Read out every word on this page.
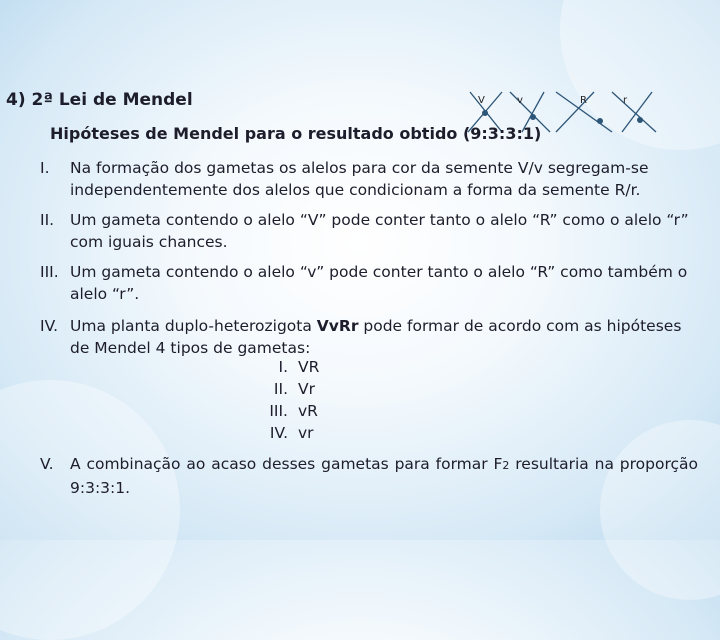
4) 2ª Lei de Mendel	V	v	R	r
Hipóteses de Mendel para o resultado obtido (9:3:3:1)
I.	Na formação dos gametas os alelos para cor da semente V/v segregam-se independentemente dos alelos que condicionam a forma da semente R/r.
II.	Um gameta contendo o alelo “V” pode conter tanto o alelo “R” como o alelo “r” com iguais chances.
III. Um gameta contendo o alelo “v” pode conter tanto o alelo “R” como também o alelo “r”.
IV. Uma planta duplo-heterozigota VvRr pode formar de acordo com as hipóteses de Mendel 4 tipos de gametas:
I. VR
II. Vr
III. vR
IV. vr
V.	A combinação ao acaso desses gametas para formar F2 resultaria na proporção 9:3:3:1.
